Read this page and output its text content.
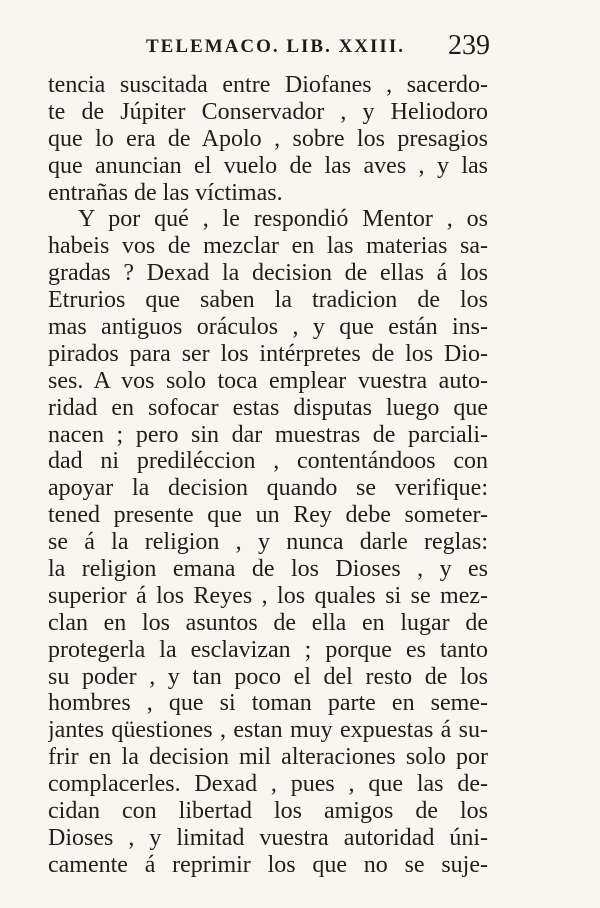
TELEMACO. LIB. XXIII. 239
tencia suscitada entre Diofanes , sacerdo-
te de Júpiter Conservador , y Heliodoro
que lo era de Apolo , sobre los presagios
que anuncian el vuelo de las aves , y las
entrañas de las víctimas.
Y por qué , le respondió Mentor , os
habeis vos de mezclar en las materias sa-
gradas ? Dexad la decision de ellas á los
Etrurios que saben la tradicion de los
mas antiguos oráculos , y que están ins-
pirados para ser los intérpretes de los Dio-
ses. A vos solo toca emplear vuestra auto-
ridad en sofocar estas disputas luego que
nacen ; pero sin dar muestras de parciali-
dad ni prediléccion , contentándoos con
apoyar la decision quando se verifique:
tened presente que un Rey debe someter-
se á la religion , y nunca darle reglas:
la religion emana de los Dioses , y es
superior á los Reyes , los quales si se mez-
clan en los asuntos de ella en lugar de
protegerla la esclavizan ; porque es tanto
su poder , y tan poco el del resto de los
hombres , que si toman parte en seme-
jantes qüestiones , estan muy expuestas á su-
frir en la decision mil alteraciones solo por
complacerles. Dexad , pues , que las de-
cidan con libertad los amigos de los
Dioses , y limitad vuestra autoridad úni-
camente á reprimir los que no se suje-
